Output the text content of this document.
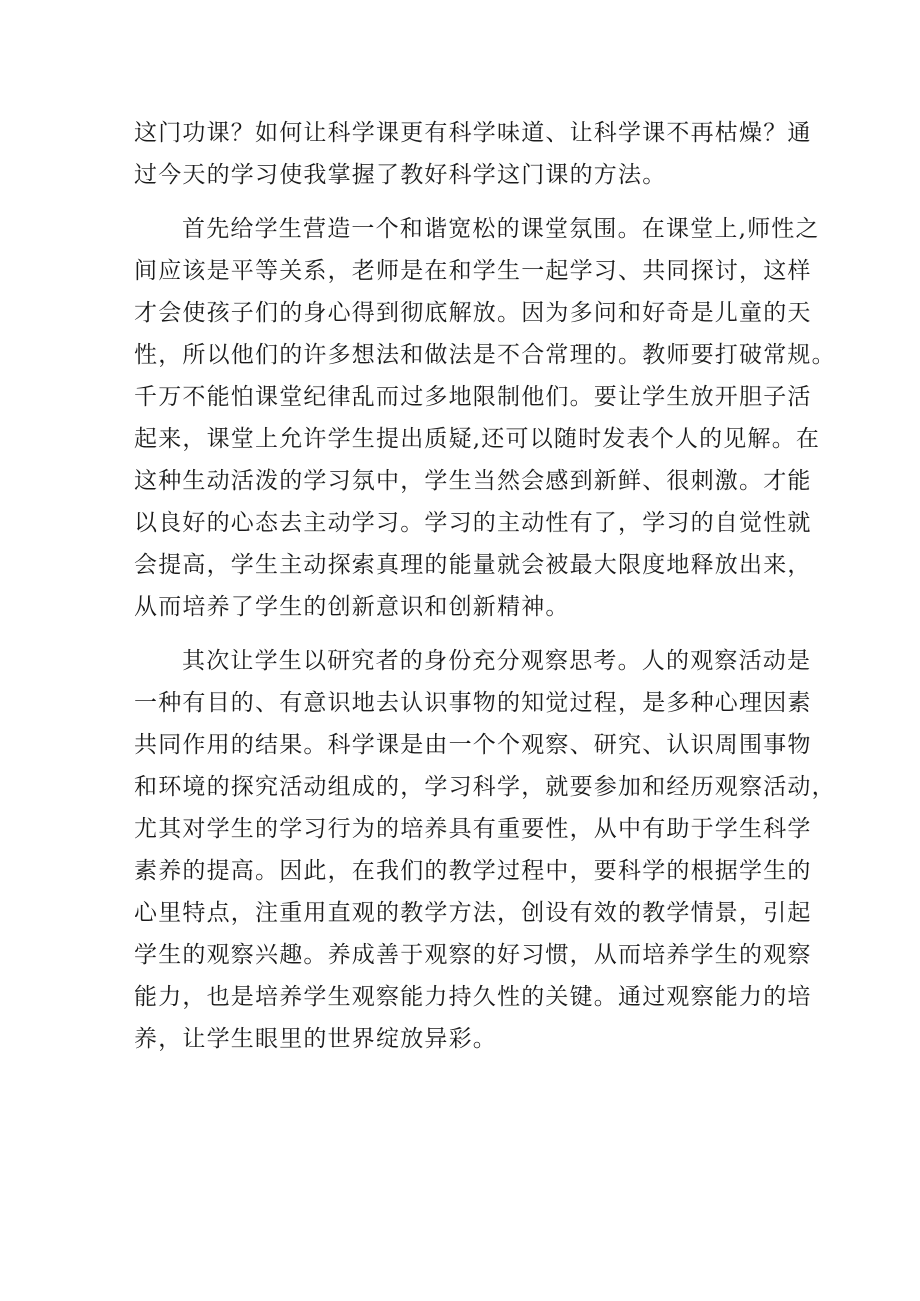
这门功课？如何让科学课更有科学味道、让科学课不再枯燥？通
过今天的学习使我掌握了教好科学这门课的方法。
首先给学生营造一个和谐宽松的课堂氛围。在课堂上,师性之
间应该是平等关系，老师是在和学生一起学习、共同探讨，这样
才会使孩子们的身心得到彻底解放。因为多问和好奇是儿童的天
性，所以他们的许多想法和做法是不合常理的。教师要打破常规。
千万不能怕课堂纪律乱而过多地限制他们。要让学生放开胆子活
起来，课堂上允许学生提出质疑,还可以随时发表个人的见解。在
这种生动活泼的学习氛中，学生当然会感到新鲜、很刺激。才能
以良好的心态去主动学习。学习的主动性有了，学习的自觉性就
会提高，学生主动探索真理的能量就会被最大限度地释放出来，
从而培养了学生的创新意识和创新精神。
其次让学生以研究者的身份充分观察思考。人的观察活动是
一种有目的、有意识地去认识事物的知觉过程，是多种心理因素
共同作用的结果。科学课是由一个个观察、研究、认识周围事物
和环境的探究活动组成的，学习科学，就要参加和经历观察活动，
尤其对学生的学习行为的培养具有重要性，从中有助于学生科学
素养的提高。因此，在我们的教学过程中，要科学的根据学生的
心里特点，注重用直观的教学方法，创设有效的教学情景，引起
学生的观察兴趣。养成善于观察的好习惯，从而培养学生的观察
能力，也是培养学生观察能力持久性的关键。通过观察能力的培
养，让学生眼里的世界绽放异彩。
